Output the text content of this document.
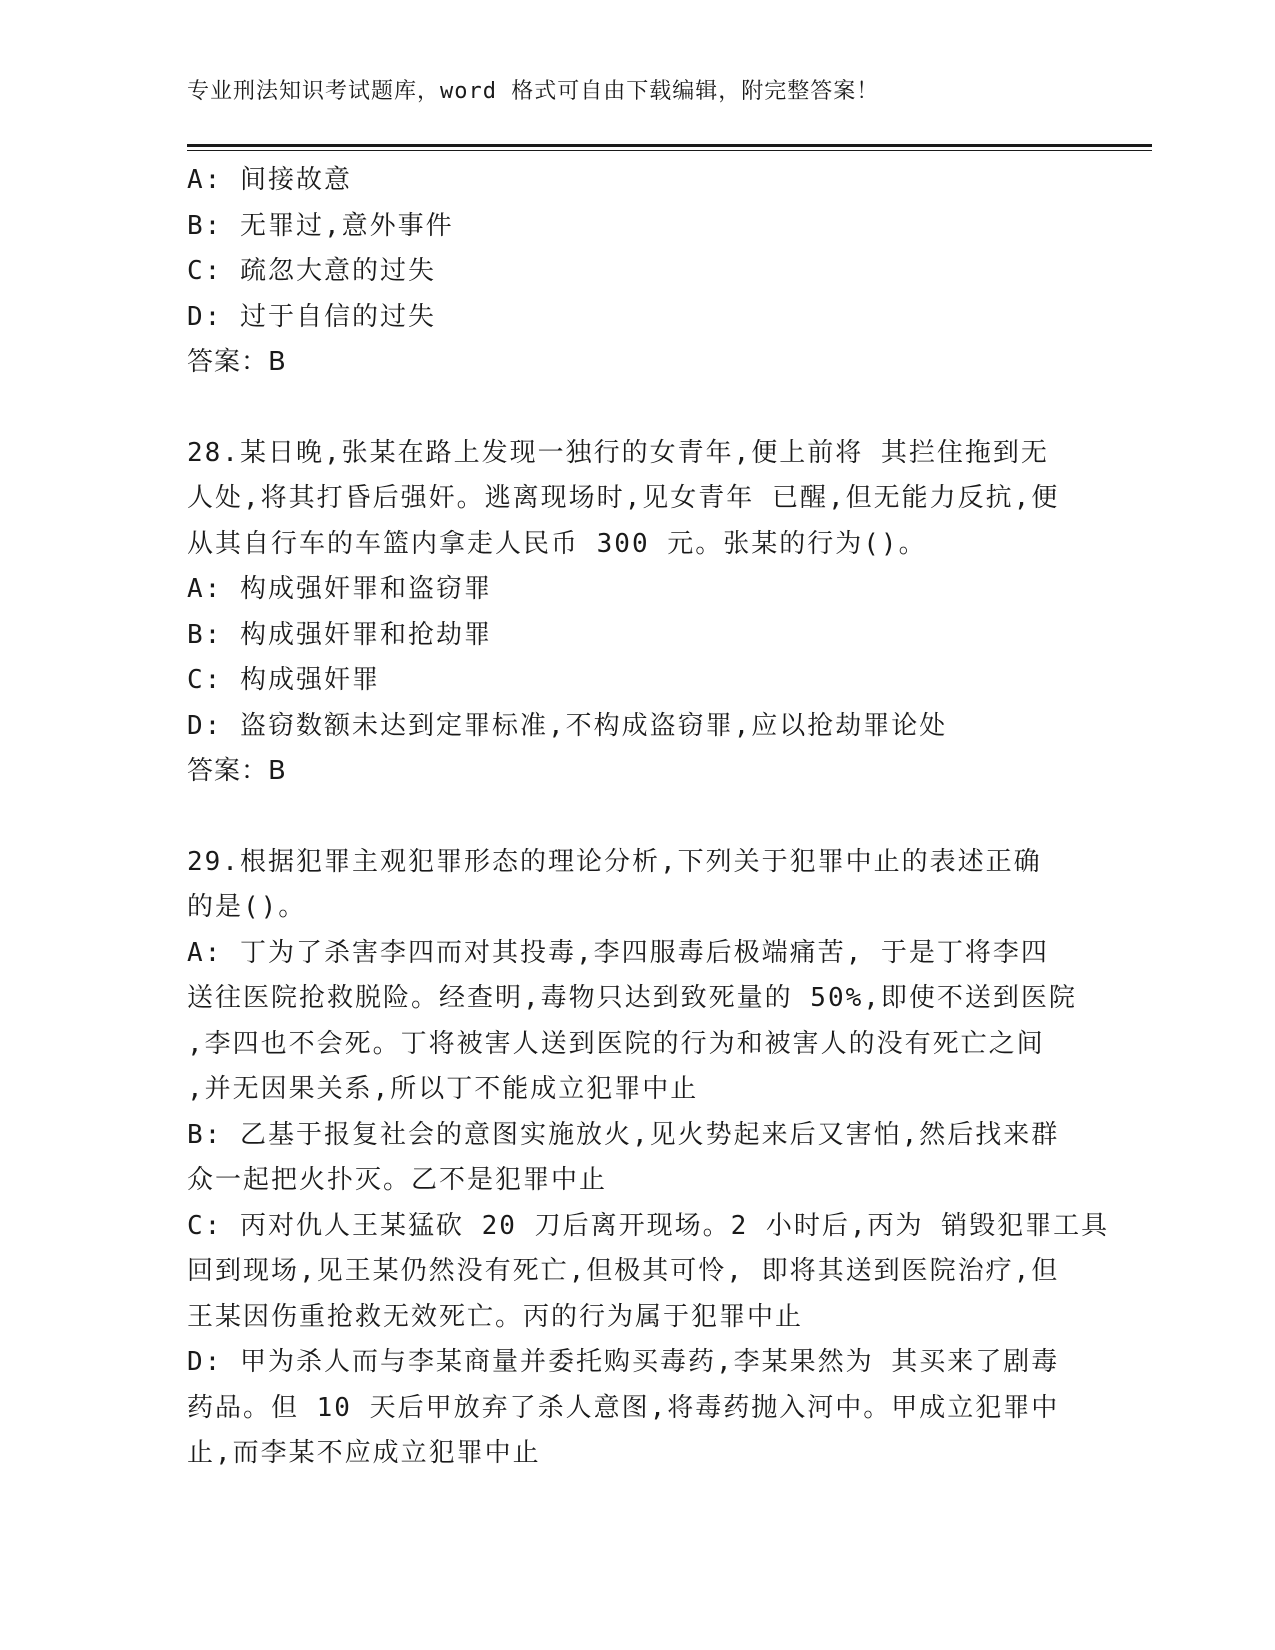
专业刑法知识考试题库，word 格式可自由下载编辑，附完整答案！
A: 间接故意
B: 无罪过,意外事件
C: 疏忽大意的过失
D: 过于自信的过失
答案：B
28.某日晚,张某在路上发现一独行的女青年,便上前将 其拦住拖到无
人处,将其打昏后强奸。逃离现场时,见女青年 已醒,但无能力反抗,便
从其自行车的车篮内拿走人民币 300 元。张某的行为()。
A: 构成强奸罪和盗窃罪
B: 构成强奸罪和抢劫罪
C: 构成强奸罪
D: 盗窃数额未达到定罪标准,不构成盗窃罪,应以抢劫罪论处
答案：B
29.根据犯罪主观犯罪形态的理论分析,下列关于犯罪中止的表述正确
的是()。
A: 丁为了杀害李四而对其投毒,李四服毒后极端痛苦, 于是丁将李四
送往医院抢救脱险。经查明,毒物只达到致死量的 50%,即使不送到医院
,李四也不会死。丁将被害人送到医院的行为和被害人的没有死亡之间
,并无因果关系,所以丁不能成立犯罪中止
B: 乙基于报复社会的意图实施放火,见火势起来后又害怕,然后找来群
众一起把火扑灭。乙不是犯罪中止
C: 丙对仇人王某猛砍 20 刀后离开现场。2 小时后,丙为 销毁犯罪工具
回到现场,见王某仍然没有死亡,但极其可怜, 即将其送到医院治疗,但
王某因伤重抢救无效死亡。丙的行为属于犯罪中止
D: 甲为杀人而与李某商量并委托购买毒药,李某果然为 其买来了剧毒
药品。但 10 天后甲放弃了杀人意图,将毒药抛入河中。甲成立犯罪中
止,而李某不应成立犯罪中止
